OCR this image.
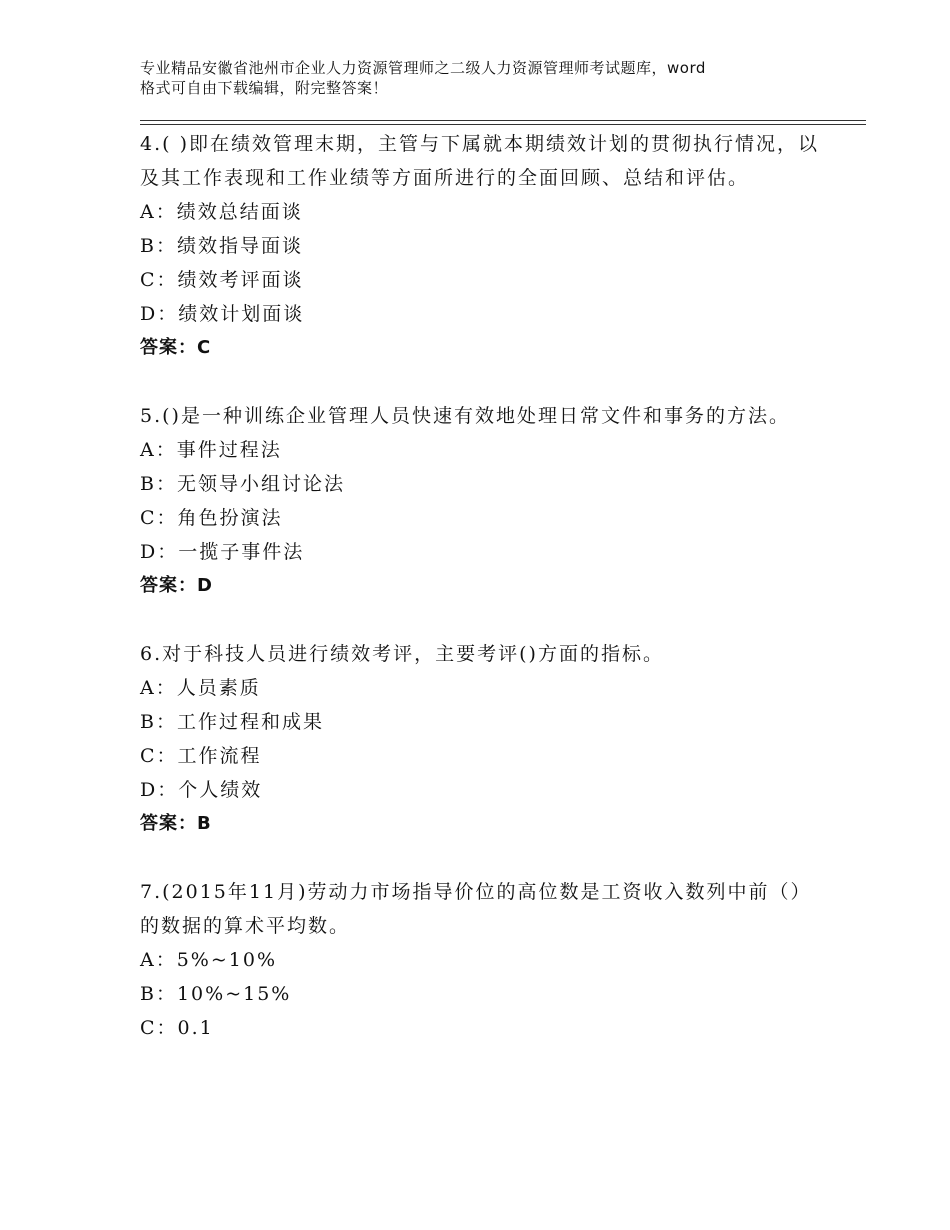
专业精品安徽省池州市企业人力资源管理师之二级人力资源管理师考试题库，word
格式可自由下载编辑，附完整答案！

4.( )即在绩效管理末期，主管与下属就本期绩效计划的贯彻执行情况，以及其工作表现和工作业绩等方面所进行的全面回顾、总结和评估。

A：绩效总结面谈

B：绩效指导面谈

C：绩效考评面谈

D：绩效计划面谈

答案：C

5.()是一种训练企业管理人员快速有效地处理日常文件和事务的方法。

A：事件过程法

B：无领导小组讨论法

C：角色扮演法

D：一揽子事件法

答案：D

6.对于科技人员进行绩效考评，主要考评()方面的指标。

A：人员素质

B：工作过程和成果

C：工作流程

D：个人绩效

答案：B

7.(2015年11月)劳动力市场指导价位的高位数是工资收入数列中前（）的数据的算术平均数。

A：5%~10%

B：10%~15%

C：0.1
